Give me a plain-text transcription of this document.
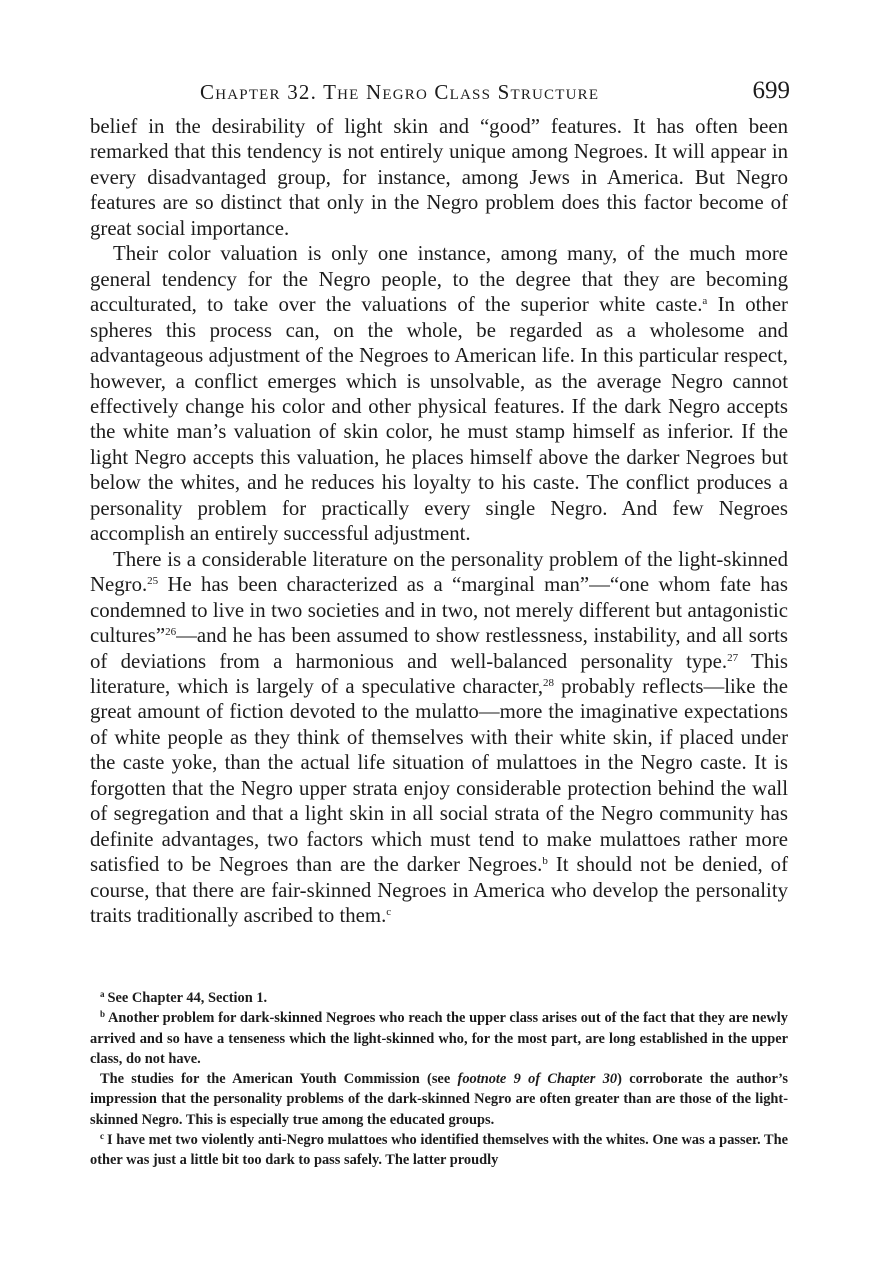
Chapter 32. The Negro Class Structure	699

belief in the desirability of light skin and “good” features. It has often been remarked that this tendency is not entirely unique among Negroes. It will appear in every disadvantaged group, for instance, among Jews in America. But Negro features are so distinct that only in the Negro problem does this factor become of great social importance.

Their color valuation is only one instance, among many, of the much more general tendency for the Negro people, to the degree that they are becoming acculturated, to take over the valuations of the superior white caste.$^a$ In other spheres this process can, on the whole, be regarded as a wholesome and advantageous adjustment of the Negroes to American life. In this particular respect, however, a conflict emerges which is unsolvable, as the average Negro cannot effectively change his color and other physical features. If the dark Negro accepts the white man’s valuation of skin color, he must stamp himself as inferior. If the light Negro accepts this valuation, he places himself above the darker Negroes but below the whites, and he reduces his loyalty to his caste. The conflict produces a personality problem for practically every single Negro. And few Negroes accomplish an entirely successful adjustment.

There is a considerable literature on the personality problem of the light-skinned Negro.$^{25}$ He has been characterized as a “marginal man”—“one whom fate has condemned to live in two societies and in two, not merely different but antagonistic cultures”$^{26}$—and he has been assumed to show restlessness, instability, and all sorts of deviations from a harmonious and well-balanced personality type.$^{27}$ This literature, which is largely of a speculative character,$^{28}$ probably reflects—like the great amount of fiction devoted to the mulatto—more the imaginative expectations of white people as they think of themselves with their white skin, if placed under the caste yoke, than the actual life situation of mulattoes in the Negro caste. It is forgotten that the Negro upper strata enjoy considerable protection behind the wall of segregation and that a light skin in all social strata of the Negro community has definite advantages, two factors which must tend to make mulattoes rather more satisfied to be Negroes than are the darker Negroes.$^b$ It should not be denied, of course, that there are fair-skinned Negroes in America who develop the personality traits traditionally ascribed to them.$^c$

$^a$ See Chapter 44, Section 1.

$^b$ Another problem for dark-skinned Negroes who reach the upper class arises out of the fact that they are newly arrived and so have a tenseness which the light-skinned who, for the most part, are long established in the upper class, do not have.

The studies for the American Youth Commission (see footnote 9 of Chapter 30) corroborate the author’s impression that the personality problems of the dark-skinned Negro are often greater than are those of the light-skinned Negro. This is especially true among the educated groups.

$^c$ I have met two violently anti-Negro mulattoes who identified themselves with the whites. One was a passer. The other was just a little bit too dark to pass safely. The latter proudly
